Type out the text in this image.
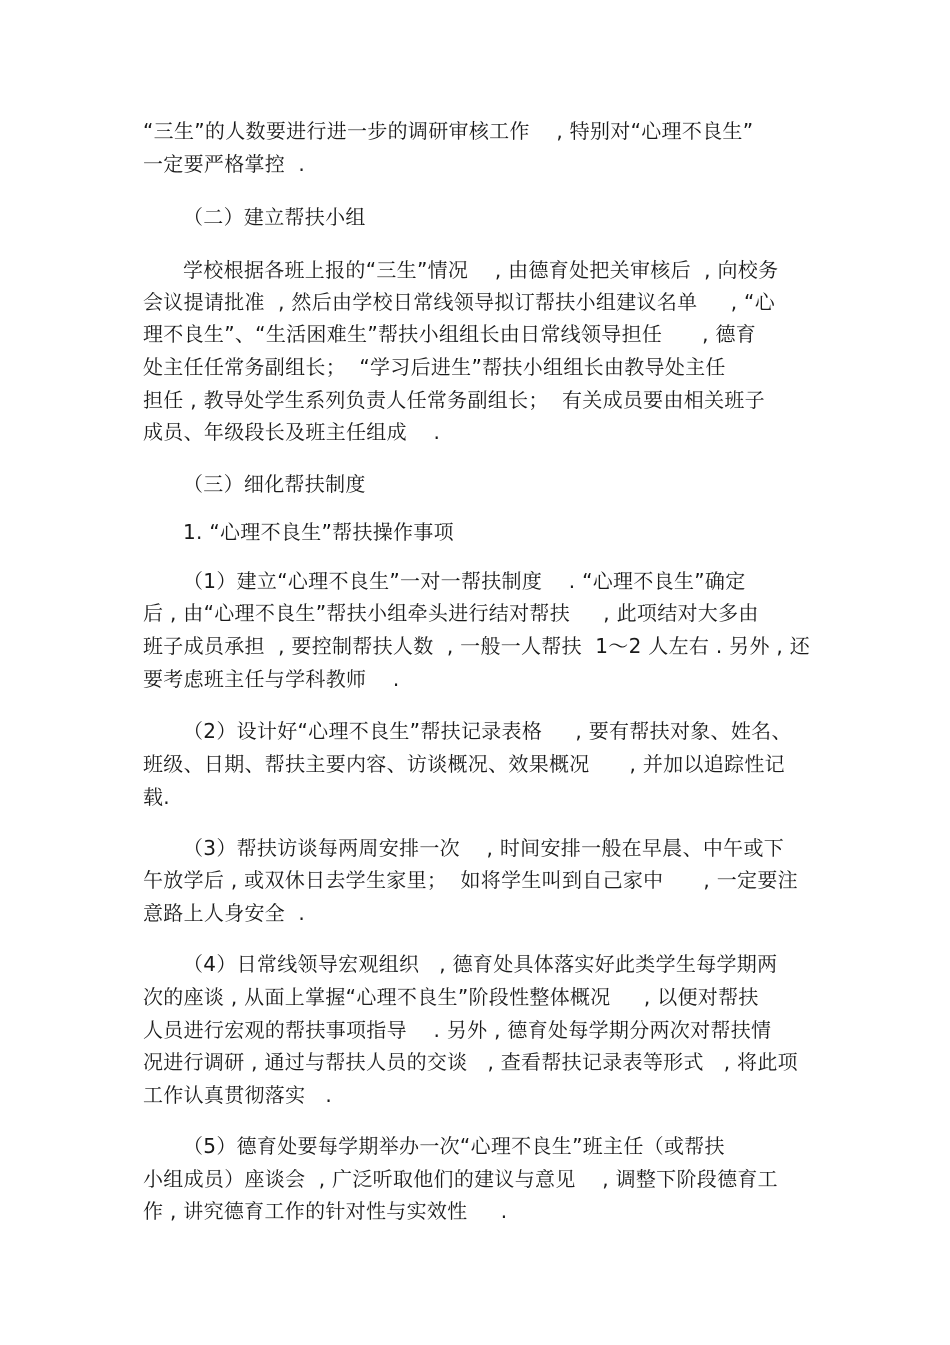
“三生”的人数要进行进一步的调研审核工作    , 特别对“心理不良生”
一定要严格掌控  .
（二）建立帮扶小组
学校根据各班上报的“三生”情况    , 由德育处把关审核后  , 向校务
会议提请批准  , 然后由学校日常线领导拟订帮扶小组建议名单     , “心
理不良生”、“生活困难生”帮扶小组组长由日常线领导担任      , 德育
处主任任常务副组长；  “学习后进生”帮扶小组组长由教导处主任
担任 , 教导处学生系列负责人任常务副组长；  有关成员要由相关班子
成员、年级段长及班主任组成    .
（三）细化帮扶制度
1. “心理不良生”帮扶操作事项
（1）建立“心理不良生”一对一帮扶制度    . “心理不良生”确定
后 , 由“心理不良生”帮扶小组牵头进行结对帮扶     , 此项结对大多由
班子成员承担  , 要控制帮扶人数  , 一般一人帮扶  1～2 人左右 . 另外 , 还
要考虑班主任与学科教师    .
（2）设计好“心理不良生”帮扶记录表格     , 要有帮扶对象、姓名、
班级、日期、帮扶主要内容、访谈概况、效果概况      , 并加以追踪性记
载.
（3）帮扶访谈每两周安排一次    , 时间安排一般在早晨、中午或下
午放学后 , 或双休日去学生家里；  如将学生叫到自己家中      , 一定要注
意路上人身安全  .
（4）日常线领导宏观组织   , 德育处具体落实好此类学生每学期两
次的座谈 , 从面上掌握“心理不良生”阶段性整体概况     , 以便对帮扶
人员进行宏观的帮扶事项指导    . 另外 , 德育处每学期分两次对帮扶情
况进行调研 , 通过与帮扶人员的交谈   , 查看帮扶记录表等形式   , 将此项
工作认真贯彻落实   .
（5）德育处要每学期举办一次“心理不良生”班主任（或帮扶
小组成员）座谈会  , 广泛听取他们的建议与意见    , 调整下阶段德育工
作 , 讲究德育工作的针对性与实效性     .
